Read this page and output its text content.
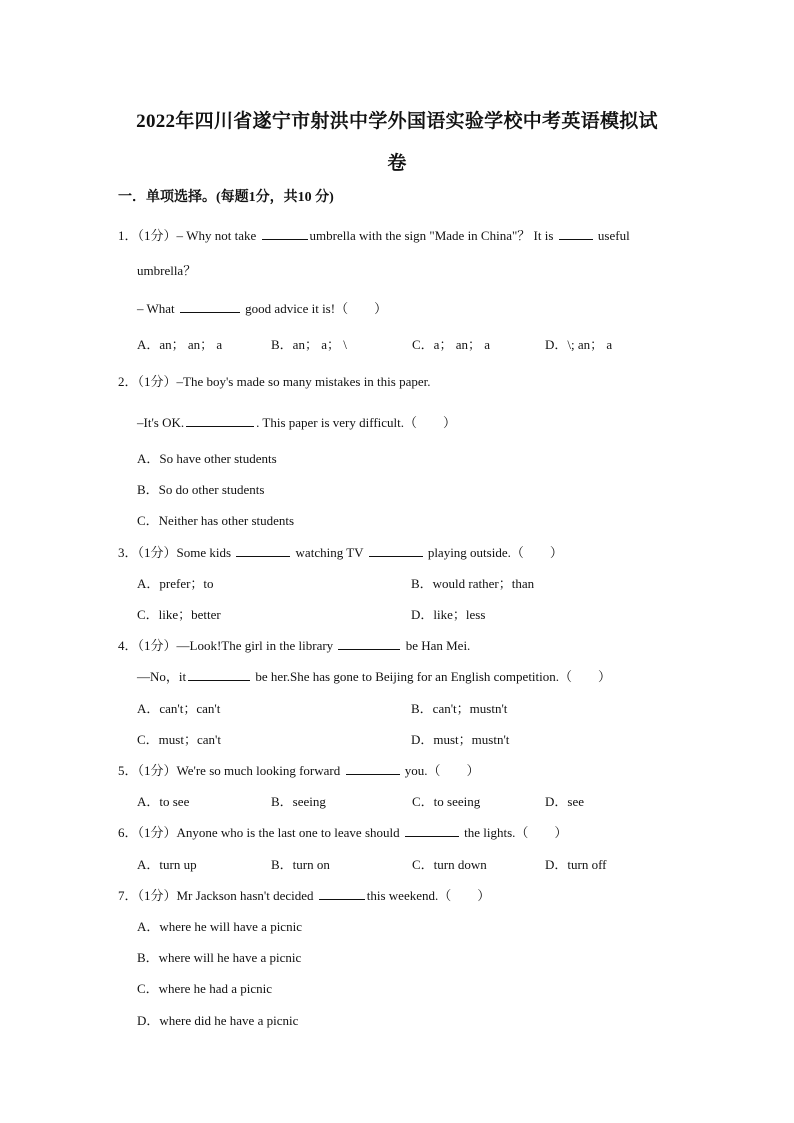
2022年四川省遂宁市射洪中学外国语实验学校中考英语模拟试
卷
一．单项选择。(每题1分，共10 分)
1．（1分）– Why not take	umbrella with the sign "Made in China"？ It is	useful
umbrella？
– What	good advice it is!（　　）
A．an； an； a	B．an； a； \	C．a； an； a	D．\; an； a
2．（1分）–The boy's made so many mistakes in this paper.
–It's OK.	. This paper is very difficult.（　　）
A．So have other students
B．So do other students
C．Neither has other students
3．（1分）Some kids	watching TV	playing outside.（　　）
A．prefer；to	B．would rather；than
C．like；better	D．like；less
4．（1分）—Look!The girl in the library	be Han Mei.
—No，it	be her.She has gone to Beijing for an English competition.（　　）
A．can't；can't	B．can't；mustn't
C．must；can't	D．must；mustn't
5．（1分）We're so much looking forward	you.（　　）
A．to see	B．seeing	C．to seeing	D．see
6．（1分）Anyone who is the last one to leave should	the lights.（　　）
A．turn up	B．turn on	C．turn down	D．turn off
7．（1分）Mr Jackson hasn't decided	this weekend.（　　）
A．where he will have a picnic
B．where will he have a picnic
C．where he had a picnic
D．where did he have a picnic
